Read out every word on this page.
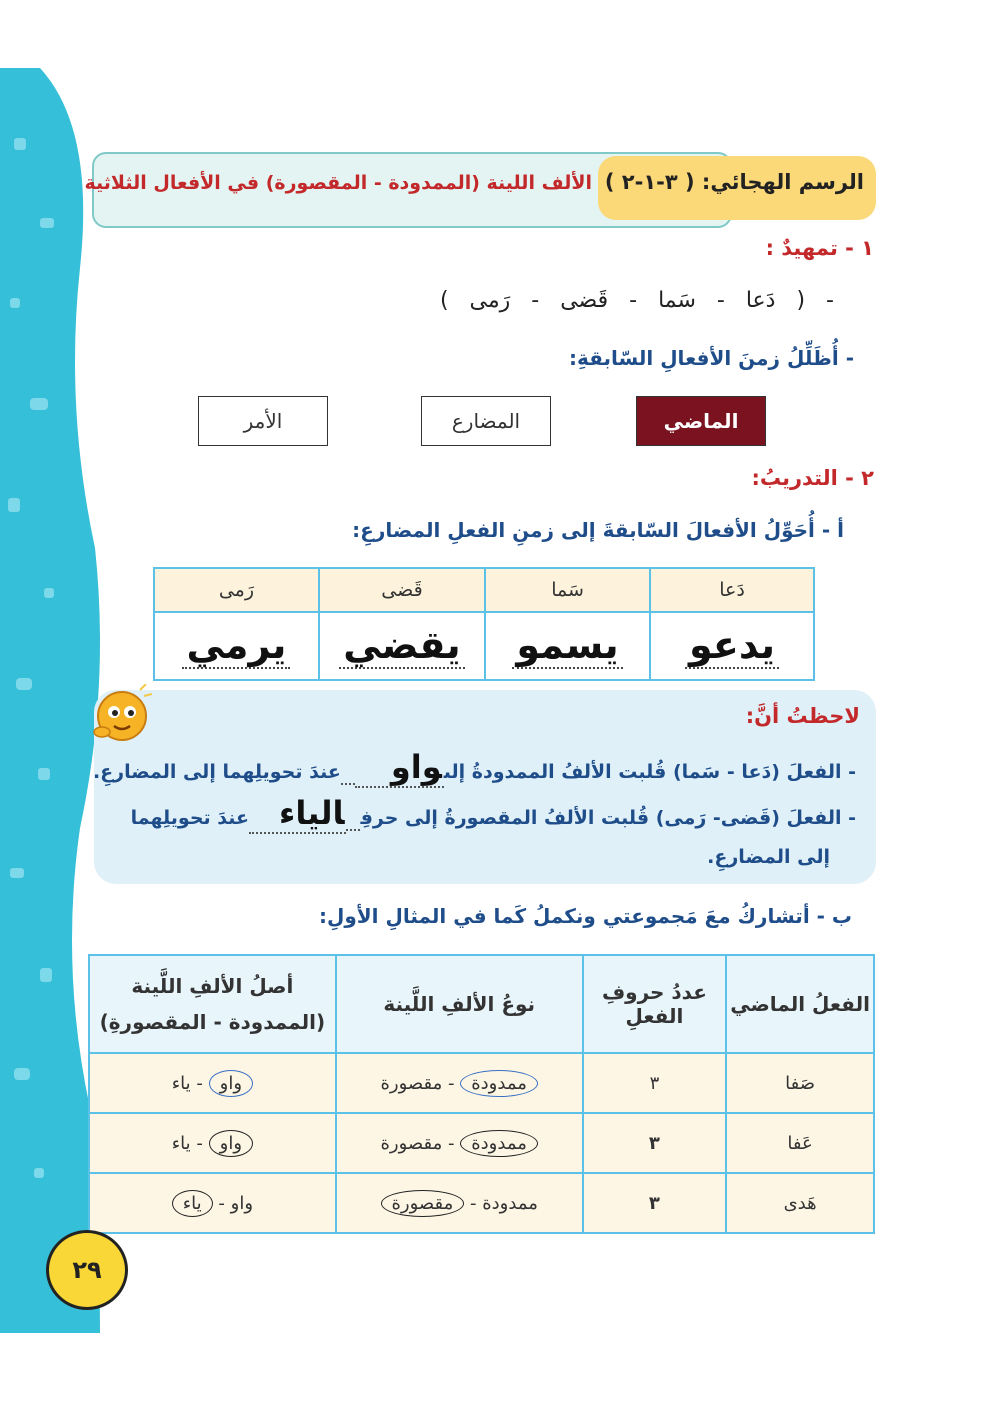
الرسم الهجائي: ( ٣-١-٢ )
الألف اللينة (الممدودة - المقصورة) في الأفعال الثلاثية
١ - تمهيدٌ :
- ( دَعا - سَما - قَضى - رَمى )
- أُظَلِّلُ زمنَ الأفعالِ السّابقةِ:
الماضي
المضارع
الأمر
٢ - التدريبُ:
أ - أُحَوِّلُ الأفعالَ السّابقةَ إلى زمنِ الفعلِ المضارعِ:
رَمى	قَضى	سَما	دَعا
يرمي	يقضي	يسمو	يدعو
لاحظتُ أنَّ:
- الفعلَ (دَعا - سَما) قُلبت الألفُ الممدودةُ إلىواوعندَ تحويلِهما إلى المضارعِ.
- الفعلَ (قَضى- رَمى) قُلبت الألفُ المقصورةُ إلى حرفِالياءعندَ تحويلِهما
إلى المضارعِ.
ب - أتشاركُ معَ مَجموعتي ونكملُ كَما في المثالِ الأولِ:
الفعلُ الماضي	عددُ حروفِ الفعلِ	نوعُ الألفِ اللَّينة	أصلُ الألفِ اللَّينة
(الممدودة - المقصورةِ)

صَفا	٣	ممدودة - مقصورة	واو - ياء
عَفا	٣	ممدودة - مقصورة	واو - ياء
هَدى	٣	ممدودة - مقصورة	واو - ياء
٢٩
